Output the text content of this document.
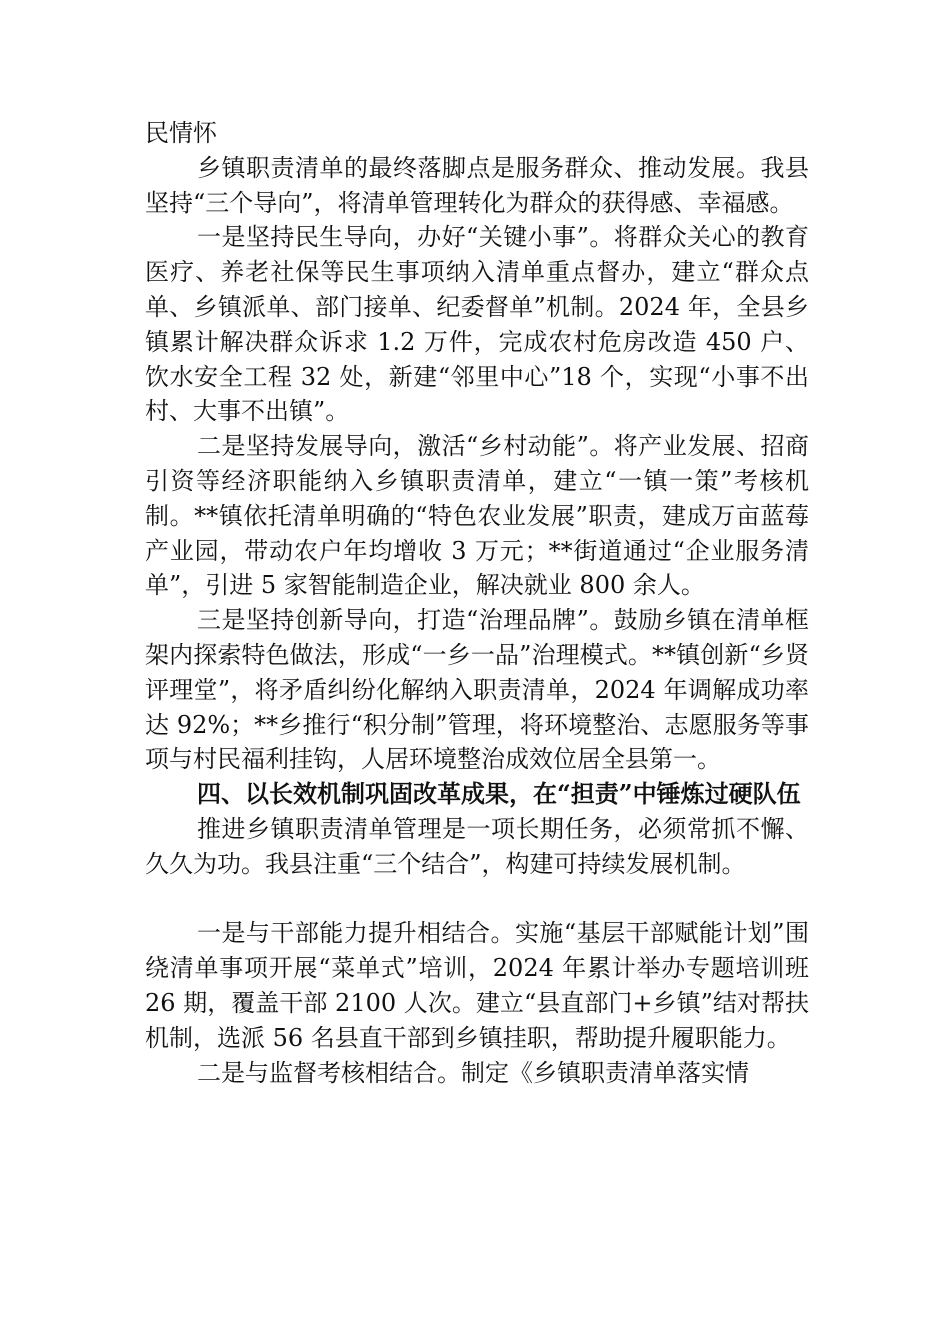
民情怀

乡镇职责清单的最终落脚点是服务群众、推动发展。我县坚持“三个导向”，将清单管理转化为群众的获得感、幸福感。

一是坚持民生导向，办好“关键小事”。将群众关心的教育医疗、养老社保等民生事项纳入清单重点督办，建立“群众点单、乡镇派单、部门接单、纪委督单”机制。2024 年，全县乡镇累计解决群众诉求 1.2 万件，完成农村危房改造 450 户、饮水安全工程 32 处，新建“邻里中心”18 个，实现“小事不出村、大事不出镇”。

二是坚持发展导向，激活“乡村动能”。将产业发展、招商引资等经济职能纳入乡镇职责清单，建立“一镇一策”考核机制。**镇依托清单明确的“特色农业发展”职责，建成万亩蓝莓产业园，带动农户年均增收 3 万元；**街道通过“企业服务清单”，引进 5 家智能制造企业，解决就业 800 余人。

三是坚持创新导向，打造“治理品牌”。鼓励乡镇在清单框架内探索特色做法，形成“一乡一品”治理模式。**镇创新“乡贤评理堂”，将矛盾纠纷化解纳入职责清单，2024 年调解成功率达 92%；**乡推行“积分制”管理，将环境整治、志愿服务等事项与村民福利挂钩，人居环境整治成效位居全县第一。

四、以长效机制巩固改革成果，在“担责”中锤炼过硬队伍

推进乡镇职责清单管理是一项长期任务，必须常抓不懈、久久为功。我县注重“三个结合”，构建可持续发展机制。

一是与干部能力提升相结合。实施“基层干部赋能计划”围绕清单事项开展“菜单式”培训，2024 年累计举办专题培训班 26 期，覆盖干部 2100 人次。建立“县直部门+乡镇”结对帮扶机制，选派 56 名县直干部到乡镇挂职，帮助提升履职能力。

二是与监督考核相结合。制定《乡镇职责清单落实情
